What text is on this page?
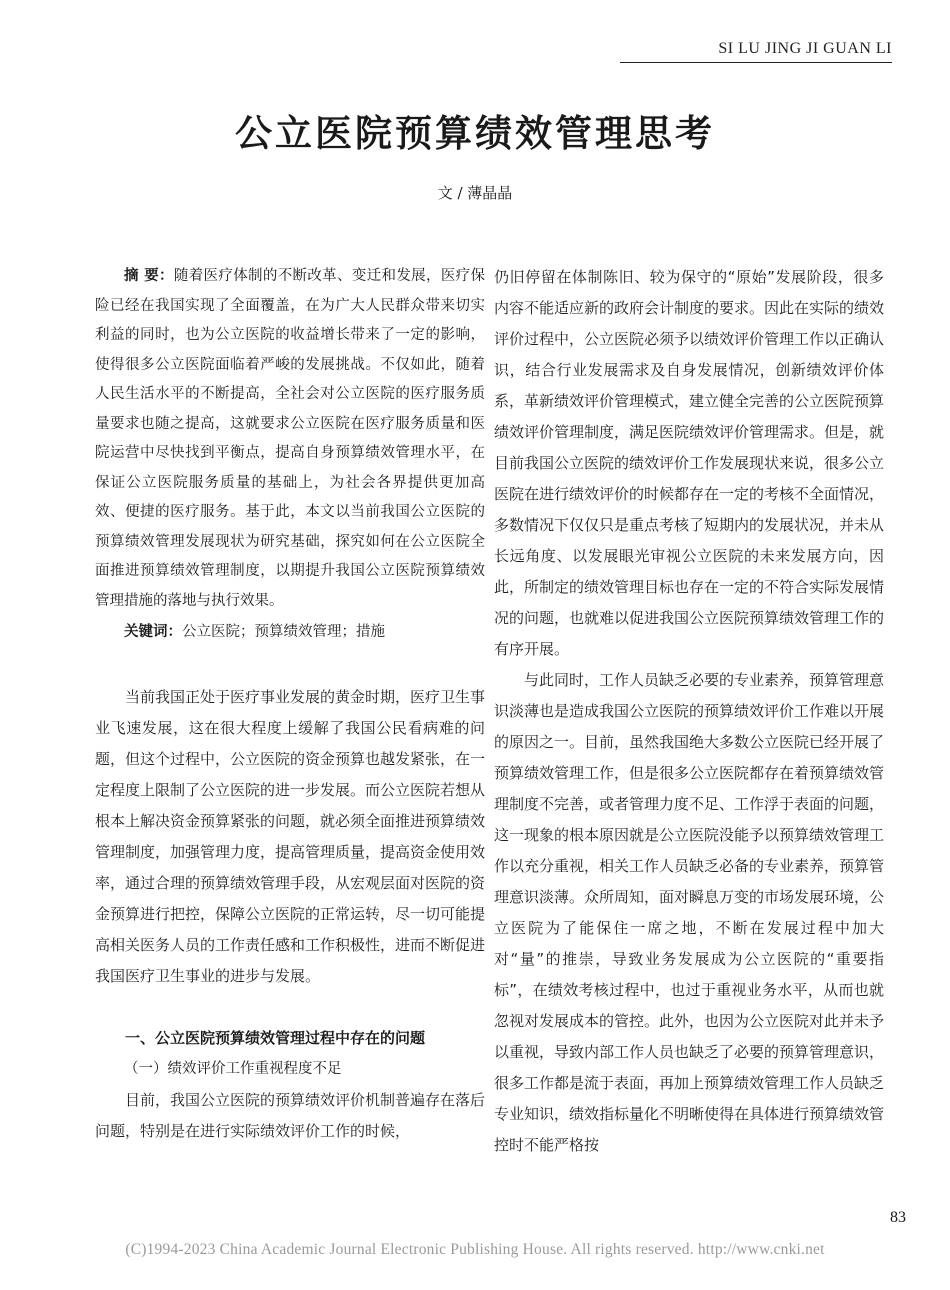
SI LU JING JI GUAN LI
公立医院预算绩效管理思考
文 / 薄晶晶

摘 要：随着医疗体制的不断改革、变迁和发展，医疗保险已经在我国实现了全面覆盖，在为广大人民群众带来切实利益的同时，也为公立医院的收益增长带来了一定的影响，使得很多公立医院面临着严峻的发展挑战。不仅如此，随着人民生活水平的不断提高，全社会对公立医院的医疗服务质量要求也随之提高，这就要求公立医院在医疗服务质量和医院运营中尽快找到平衡点，提高自身预算绩效管理水平，在保证公立医院服务质量的基础上，为社会各界提供更加高效、便捷的医疗服务。基于此，本文以当前我国公立医院的预算绩效管理发展现状为研究基础，探究如何在公立医院全面推进预算绩效管理制度，以期提升我国公立医院预算绩效管理措施的落地与执行效果。

关键词：公立医院；预算绩效管理；措施

当前我国正处于医疗事业发展的黄金时期，医疗卫生事业飞速发展，这在很大程度上缓解了我国公民看病难的问题，但这个过程中，公立医院的资金预算也越发紧张，在一定程度上限制了公立医院的进一步发展。而公立医院若想从根本上解决资金预算紧张的问题，就必须全面推进预算绩效管理制度，加强管理力度，提高管理质量，提高资金使用效率，通过合理的预算绩效管理手段，从宏观层面对医院的资金预算进行把控，保障公立医院的正常运转，尽一切可能提高相关医务人员的工作责任感和工作积极性，进而不断促进我国医疗卫生事业的进步与发展。

一、公立医院预算绩效管理过程中存在的问题

（一）绩效评价工作重视程度不足

目前，我国公立医院的预算绩效评价机制普遍存在落后问题，特别是在进行实际绩效评价工作的时候，

仍旧停留在体制陈旧、较为保守的“原始”发展阶段，很多内容不能适应新的政府会计制度的要求。因此在实际的绩效评价过程中，公立医院必须予以绩效评价管理工作以正确认识，结合行业发展需求及自身发展情况，创新绩效评价体系，革新绩效评价管理模式，建立健全完善的公立医院预算绩效评价管理制度，满足医院绩效评价管理需求。但是，就目前我国公立医院的绩效评价工作发展现状来说，很多公立医院在进行绩效评价的时候都存在一定的考核不全面情况，多数情况下仅仅只是重点考核了短期内的发展状况，并未从长远角度、以发展眼光审视公立医院的未来发展方向，因此，所制定的绩效管理目标也存在一定的不符合实际发展情况的问题，也就难以促进我国公立医院预算绩效管理工作的有序开展。

与此同时，工作人员缺乏必要的专业素养，预算管理意识淡薄也是造成我国公立医院的预算绩效评价工作难以开展的原因之一。目前，虽然我国绝大多数公立医院已经开展了预算绩效管理工作，但是很多公立医院都存在着预算绩效管理制度不完善，或者管理力度不足、工作浮于表面的问题，这一现象的根本原因就是公立医院没能予以预算绩效管理工作以充分重视，相关工作人员缺乏必备的专业素养，预算管理意识淡薄。众所周知，面对瞬息万变的市场发展环境，公立医院为了能保住一席之地，不断在发展过程中加大对“量”的推崇，导致业务发展成为公立医院的“重要指标”，在绩效考核过程中，也过于重视业务水平，从而也就忽视对发展成本的管控。此外，也因为公立医院对此并未予以重视，导致内部工作人员也缺乏了必要的预算管理意识，很多工作都是流于表面，再加上预算绩效管理工作人员缺乏专业知识，绩效指标量化不明晰使得在具体进行预算绩效管控时不能严格按

83
(C)1994-2023 China Academic Journal Electronic Publishing House. All rights reserved. http://www.cnki.net
